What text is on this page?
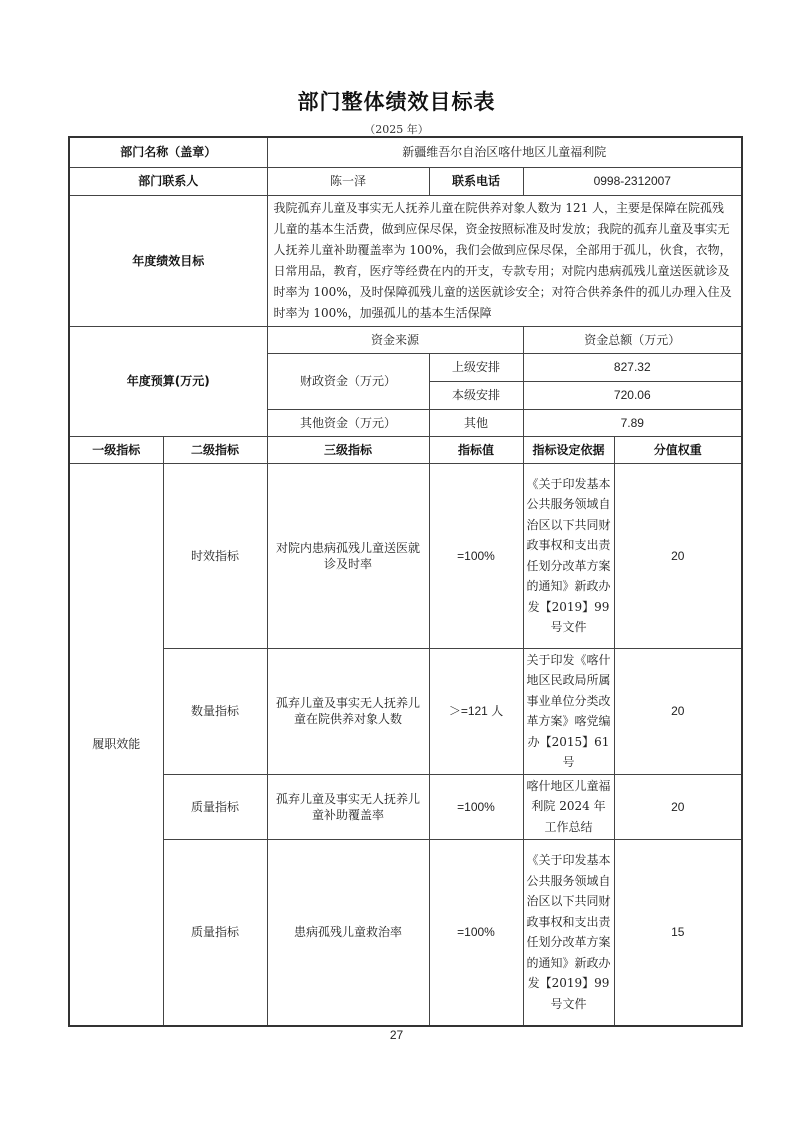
部门整体绩效目标表
（2025 年）
部门名称（盖章）		新疆维吾尔自治区喀什地区儿童福利院			
部门联系人		陈一泽	联系电话	0998-2312007	
年度绩效目标		我院孤弃儿童及事实无人抚养儿童在院供养对象人数为 121 人，主要是保障在院孤残儿童的基本生活费，做到应保尽保，资金按照标准及时发放；我院的孤弃儿童及事实无人抚养儿童补助覆盖率为 100%，我们会做到应保尽保，全部用于孤儿，伙食，衣物，日常用品，教育，医疗等经费在内的开支，专款专用；对院内患病孤残儿童送医就诊及时率为 100%，及时保障孤残儿童的送医就诊安全；对符合供养条件的孤儿办理入住及时率为 100%，加强孤儿的基本生活保障			
年度预算(万元)		资金来源		资金总额（万元）	
		财政资金（万元）	上级安排	827.32	
			本级安排	720.06	
		其他资金（万元）	其他	7.89	
一级指标	二级指标	三级指标	指标值	指标设定依据	分值权重
履职效能	时效指标	对院内患病孤残儿童送医就诊及时率	=100%	《关于印发基本公共服务领域自治区以下共同财政事权和支出责任划分改革方案的通知》新政办发【2019】99号文件	20
	数量指标	孤弃儿童及事实无人抚养儿童在院供养对象人数	＞=121 人	关于印发《喀什地区民政局所属事业单位分类改革方案》喀党编办【2015】61 号	20
	质量指标	孤弃儿童及事实无人抚养儿童补助覆盖率	=100%	喀什地区儿童福利院 2024 年工作总结	20
	质量指标	患病孤残儿童救治率	=100%	《关于印发基本公共服务领域自治区以下共同财政事权和支出责任划分改革方案的通知》新政办发【2019】99号文件	15
27
